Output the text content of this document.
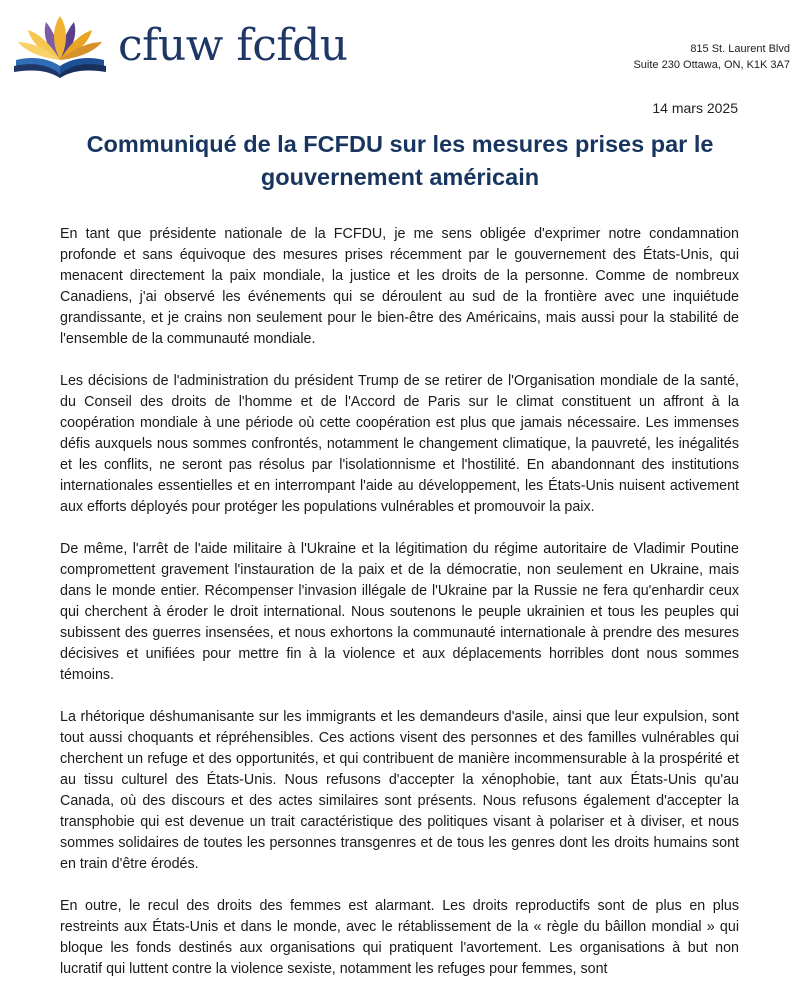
cfuw fcfdu	815 St. Laurent Blvd
Suite 230 Ottawa, ON, K1K 3A7
14 mars 2025
Communiqué de la FCFDU sur les mesures prises par le gouvernement américain

En tant que présidente nationale de la FCFDU, je me sens obligée d'exprimer notre condamnation profonde et sans équivoque des mesures prises récemment par le gouvernement des États-Unis, qui menacent directement la paix mondiale, la justice et les droits de la personne. Comme de nombreux Canadiens, j'ai observé les événements qui se déroulent au sud de la frontière avec une inquiétude grandissante, et je crains non seulement pour le bien-être des Américains, mais aussi pour la stabilité de l'ensemble de la communauté mondiale.

Les décisions de l'administration du président Trump de se retirer de l'Organisation mondiale de la santé, du Conseil des droits de l'homme et de l'Accord de Paris sur le climat constituent un affront à la coopération mondiale à une période où cette coopération est plus que jamais nécessaire. Les immenses défis auxquels nous sommes confrontés, notamment le changement climatique, la pauvreté, les inégalités et les conflits, ne seront pas résolus par l'isolationnisme et l'hostilité. En abandonnant des institutions internationales essentielles et en interrompant l'aide au développement, les États-Unis nuisent activement aux efforts déployés pour protéger les populations vulnérables et promouvoir la paix.

De même, l'arrêt de l'aide militaire à l'Ukraine et la légitimation du régime autoritaire de Vladimir Poutine compromettent gravement l'instauration de la paix et de la démocratie, non seulement en Ukraine, mais dans le monde entier. Récompenser l'invasion illégale de l'Ukraine par la Russie ne fera qu'enhardir ceux qui cherchent à éroder le droit international. Nous soutenons le peuple ukrainien et tous les peuples qui subissent des guerres insensées, et nous exhortons la communauté internationale à prendre des mesures décisives et unifiées pour mettre fin à la violence et aux déplacements horribles dont nous sommes témoins.

La rhétorique déshumanisante sur les immigrants et les demandeurs d'asile, ainsi que leur expulsion, sont tout aussi choquants et répréhensibles. Ces actions visent des personnes et des familles vulnérables qui cherchent un refuge et des opportunités, et qui contribuent de manière incommensurable à la prospérité et au tissu culturel des États-Unis. Nous refusons d'accepter la xénophobie, tant aux États-Unis qu'au Canada, où des discours et des actes similaires sont présents. Nous refusons également d'accepter la transphobie qui est devenue un trait caractéristique des politiques visant à polariser et à diviser, et nous sommes solidaires de toutes les personnes transgenres et de tous les genres dont les droits humains sont en train d'être érodés.

En outre, le recul des droits des femmes est alarmant. Les droits reproductifs sont de plus en plus restreints aux États-Unis et dans le monde, avec le rétablissement de la « règle du bâillon mondial » qui bloque les fonds destinés aux organisations qui pratiquent l'avortement. Les organisations à but non lucratif qui luttent contre la violence sexiste, notamment les refuges pour femmes, sont
